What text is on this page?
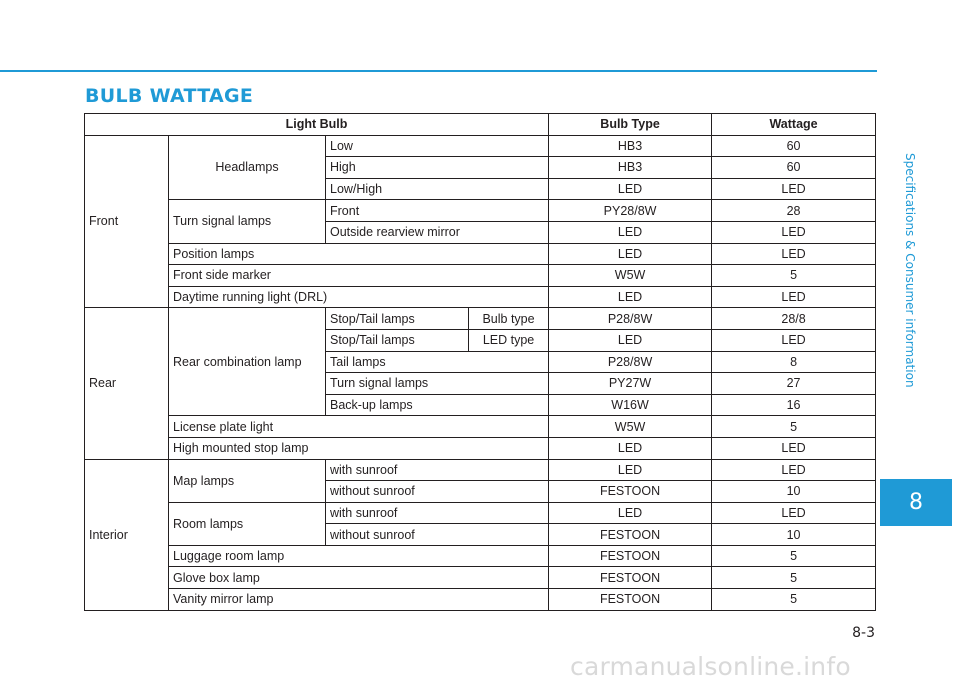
BULB WATTAGE
Specifications & Consumer information
8
8-3
carmanualsonline.info
Light Bulb				Bulb Type	Wattage
Front	Headlamps	Low		HB3	60
		High		HB3	60
		Low/High		LED	LED
	Turn signal lamps	Front		PY28/8W	28
		Outside rearview mirror		LED	LED
	Position lamps			LED	LED
	Front side marker			W5W	5
	Daytime running light (DRL)			LED	LED
Rear	Rear combination lamp	Stop/Tail lamps	Bulb type	P28/8W	28/8
		Stop/Tail lamps	LED type	LED	LED
		Tail lamps		P28/8W	8
		Turn signal lamps		PY27W	27
		Back-up lamps		W16W	16
	License plate light			W5W	5
	High mounted stop lamp			LED	LED
Interior	Map lamps	with sunroof		LED	LED
		without sunroof		FESTOON	10
	Room lamps	with sunroof		LED	LED
		without sunroof		FESTOON	10
	Luggage room lamp			FESTOON	5
	Glove box lamp			FESTOON	5
	Vanity mirror lamp			FESTOON	5
